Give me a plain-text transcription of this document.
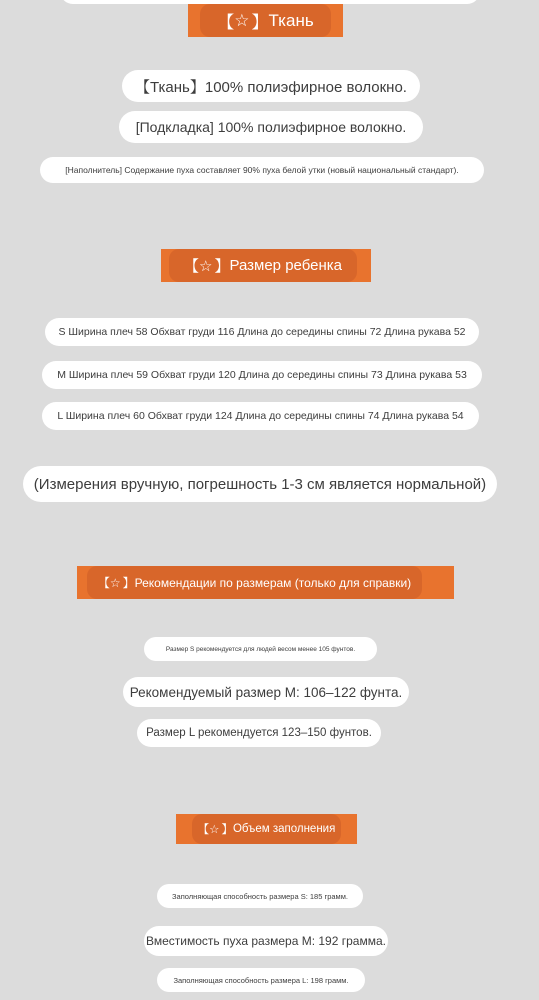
【 ☆ 】 Ткань
【Ткань】100% полиэфирное волокно.
[Подкладка] 100% полиэфирное волокно.
[Наполнитель] Содержание пуха составляет 90% пуха белой утки (новый национальный стандарт).
【 ☆ 】 Размер ребенка
S Ширина плеч 58 Обхват груди 116 Длина до середины спины 72 Длина рукава 52
M Ширина плеч 59 Обхват груди 120 Длина до середины спины 73 Длина рукава 53
L Ширина плеч 60 Обхват груди 124 Длина до середины спины 74 Длина рукава 54
(Измерения вручную, погрешность 1-3 см является нормальной)
【 ☆ 】 Рекомендации по размерам (только для справки)
Размер S рекомендуется для людей весом менее 105 фунтов.
Рекомендуемый размер M: 106–122 фунта.
Размер L рекомендуется 123–150 фунтов.
【 ☆ 】 Объем заполнения
Заполняющая способность размера S: 185 грамм.
Вместимость пуха размера M: 192 грамма.
Заполняющая способность размера L: 198 грамм.
